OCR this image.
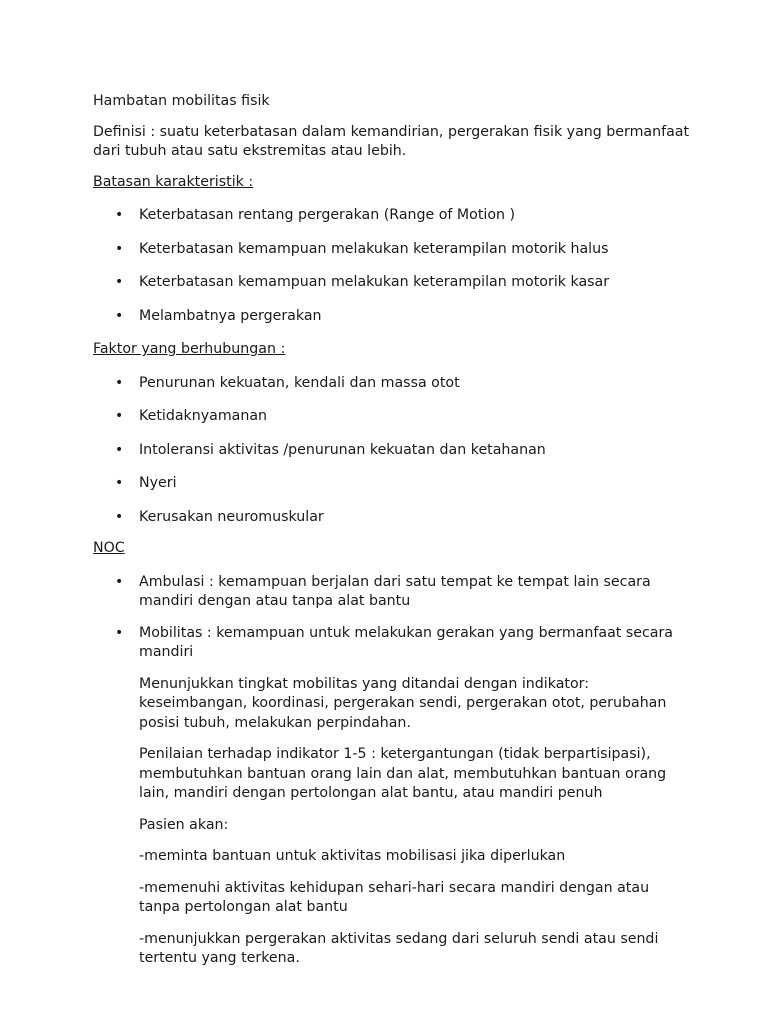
Hambatan mobilitas fisik

Definisi : suatu keterbatasan dalam kemandirian, pergerakan fisik yang bermanfaat dari tubuh atau satu ekstremitas atau lebih.

Batasan karakteristik :

• Keterbatasan rentang pergerakan (Range of Motion )
• Keterbatasan kemampuan melakukan keterampilan motorik halus
• Keterbatasan kemampuan melakukan keterampilan motorik kasar
• Melambatnya pergerakan

Faktor yang berhubungan :

• Penurunan kekuatan, kendali dan massa otot
• Ketidaknyamanan
• Intoleransi aktivitas /penurunan kekuatan dan ketahanan
• Nyeri
• Kerusakan neuromuskular

NOC

• Ambulasi : kemampuan berjalan dari satu tempat ke tempat lain secara mandiri dengan atau tanpa alat bantu
• Mobilitas : kemampuan untuk melakukan gerakan yang bermanfaat secara mandiri

Menunjukkan tingkat mobilitas yang ditandai dengan indikator: keseimbangan, koordinasi, pergerakan sendi, pergerakan otot, perubahan posisi tubuh, melakukan perpindahan.

Penilaian terhadap indikator 1-5 : ketergantungan (tidak berpartisipasi), membutuhkan bantuan orang lain dan alat, membutuhkan bantuan orang lain, mandiri dengan pertolongan alat bantu, atau mandiri penuh

Pasien akan:

-meminta bantuan untuk aktivitas mobilisasi jika diperlukan

-memenuhi aktivitas kehidupan sehari-hari secara mandiri dengan atau tanpa pertolongan alat bantu

-menunjukkan pergerakan aktivitas sedang dari seluruh sendi atau sendi tertentu yang terkena.
